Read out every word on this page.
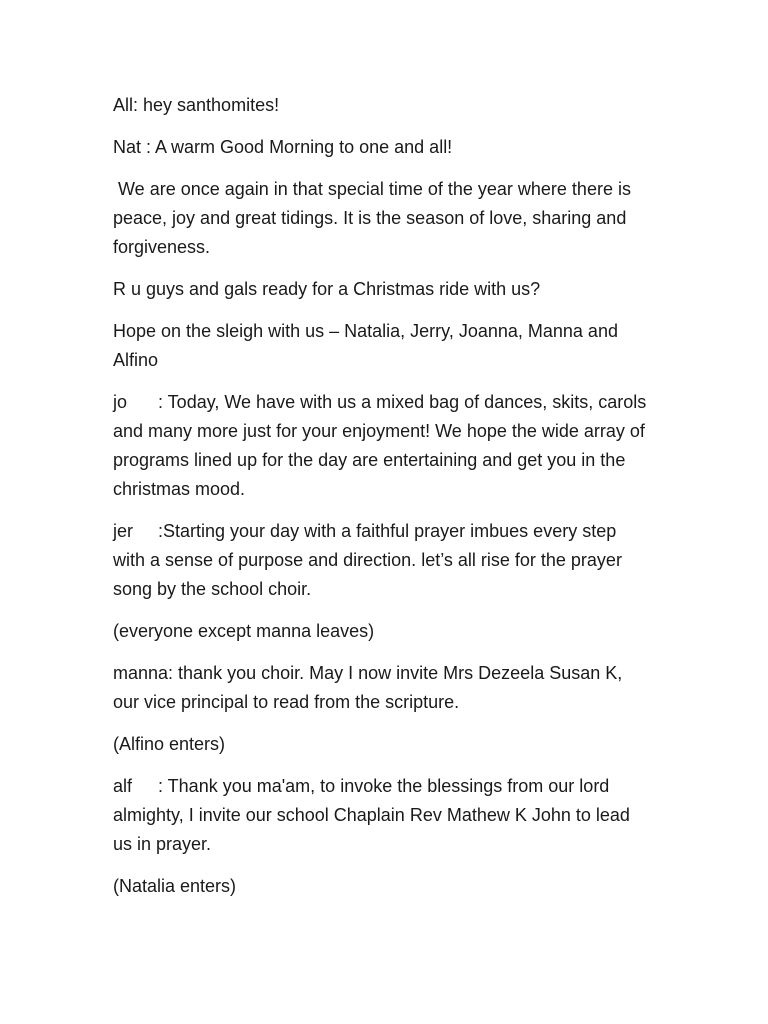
All: hey santhomites!

Nat : A warm Good Morning to one and all!

We are once again in that special time of the year where there is peace, joy and great tidings. It is the season of love, sharing and forgiveness.

R u guys and gals ready for a Christmas ride with us?

Hope on the sleigh with us – Natalia, Jerry, Joanna, Manna and Alfino

jo : Today, We have with us a mixed bag of dances, skits, carols and many more just for your enjoyment! We hope the wide array of programs lined up for the day are entertaining and get you in the christmas mood.

jer :Starting your day with a faithful prayer imbues every step with a sense of purpose and direction. let’s all rise for the prayer song by the school choir.

(everyone except manna leaves)

manna: thank you choir. May I now invite Mrs Dezeela Susan K, our vice principal to read from the scripture.

(Alfino enters)

alf : Thank you ma'am, to invoke the blessings from our lord almighty, I invite our school Chaplain Rev Mathew K John to lead us in prayer.

(Natalia enters)
